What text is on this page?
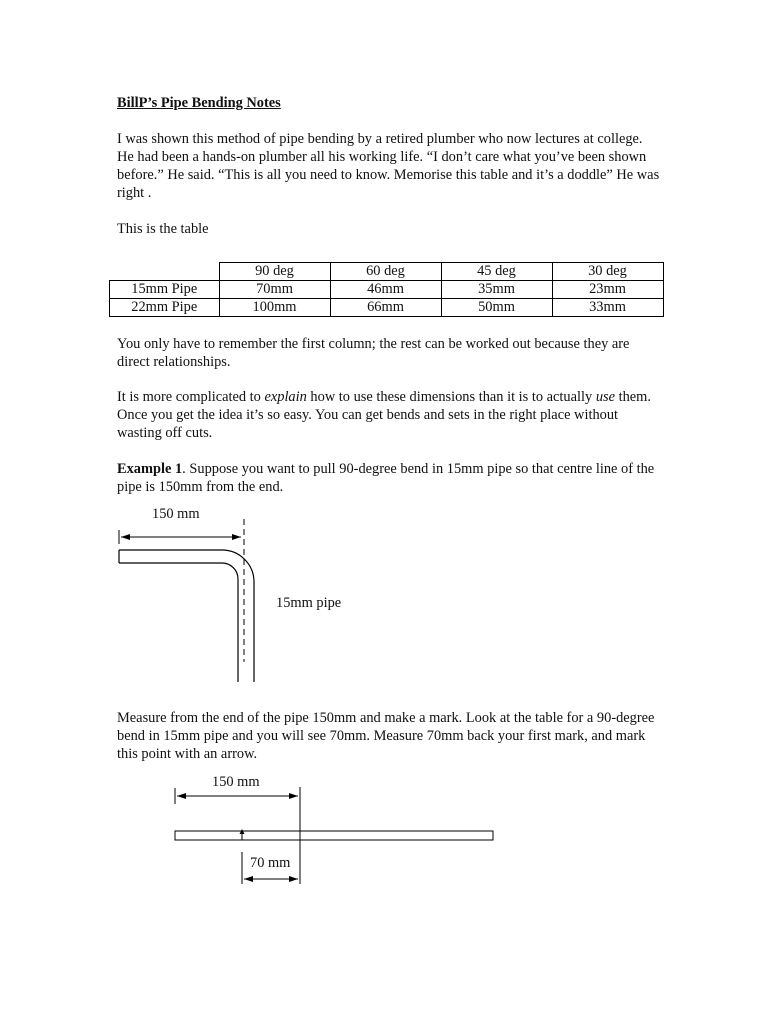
BillP’s Pipe Bending Notes

I was shown this method of pipe bending by a retired plumber who now lectures at college. He had been a hands-on plumber all his working life. “I don’t care what you’ve been shown before.” He said. “This is all you need to know. Memorise this table and it’s a doddle” He was right .

This is the table

	90 deg	60 deg	45 deg	30 deg
15mm Pipe	70mm	46mm	35mm	23mm
22mm Pipe	100mm	66mm	50mm	33mm

You only have to remember the first column; the rest can be worked out because they are direct relationships.

It is more complicated to explain how to use these dimensions than it is to actually use them. Once you get the idea it’s so easy. You can get bends and sets in the right place without wasting off cuts.

Example 1. Suppose you want to pull 90-degree bend in 15mm pipe so that centre line of the pipe is 150mm from the end.

150 mm
15mm pipe

Measure from the end of the pipe 150mm and make a mark. Look at the table for a 90-degree bend in 15mm pipe and you will see 70mm. Measure 70mm back your first mark, and mark this point with an arrow.

150 mm
70 mm
